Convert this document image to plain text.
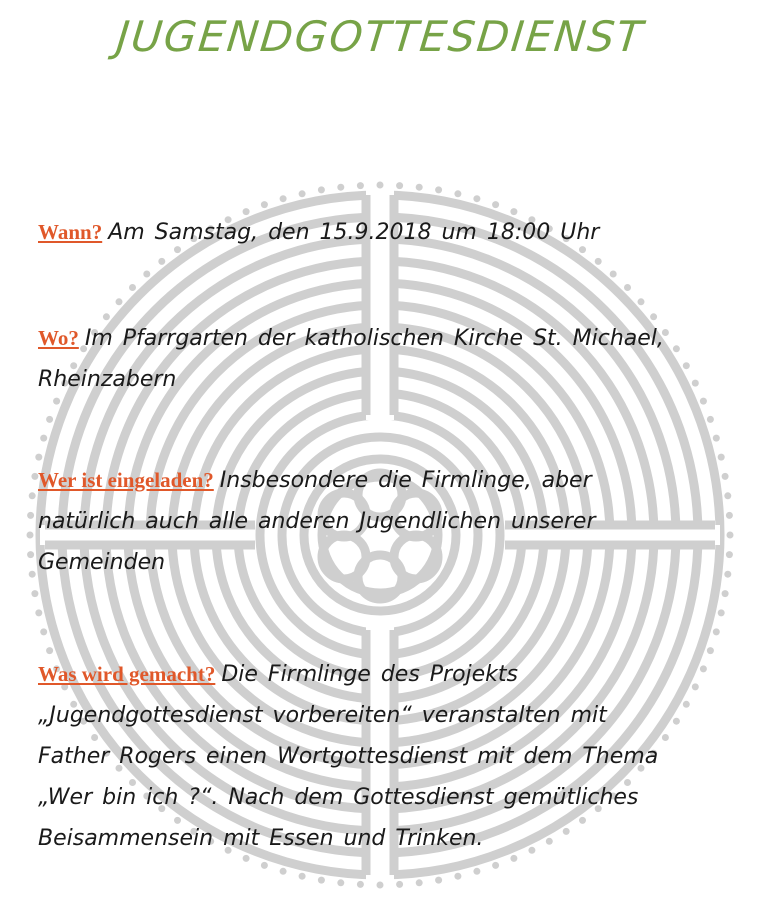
JUGENDGOTTESDIENST

Wann? Am Samstag, den 15.9.2018 um 18:00 Uhr

Wo? Im Pfarrgarten der katholischen Kirche St. Michael,
Rheinzabern

Wer ist eingeladen? Insbesondere die Firmlinge, aber
natürlich auch alle anderen Jugendlichen unserer
Gemeinden

Was wird gemacht? Die Firmlinge des Projekts
„Jugendgottesdienst vorbereiten“ veranstalten mit
Father Rogers einen Wortgottesdienst mit dem Thema
„Wer bin ich ?“. Nach dem Gottesdienst gemütliches
Beisammensein mit Essen und Trinken.
